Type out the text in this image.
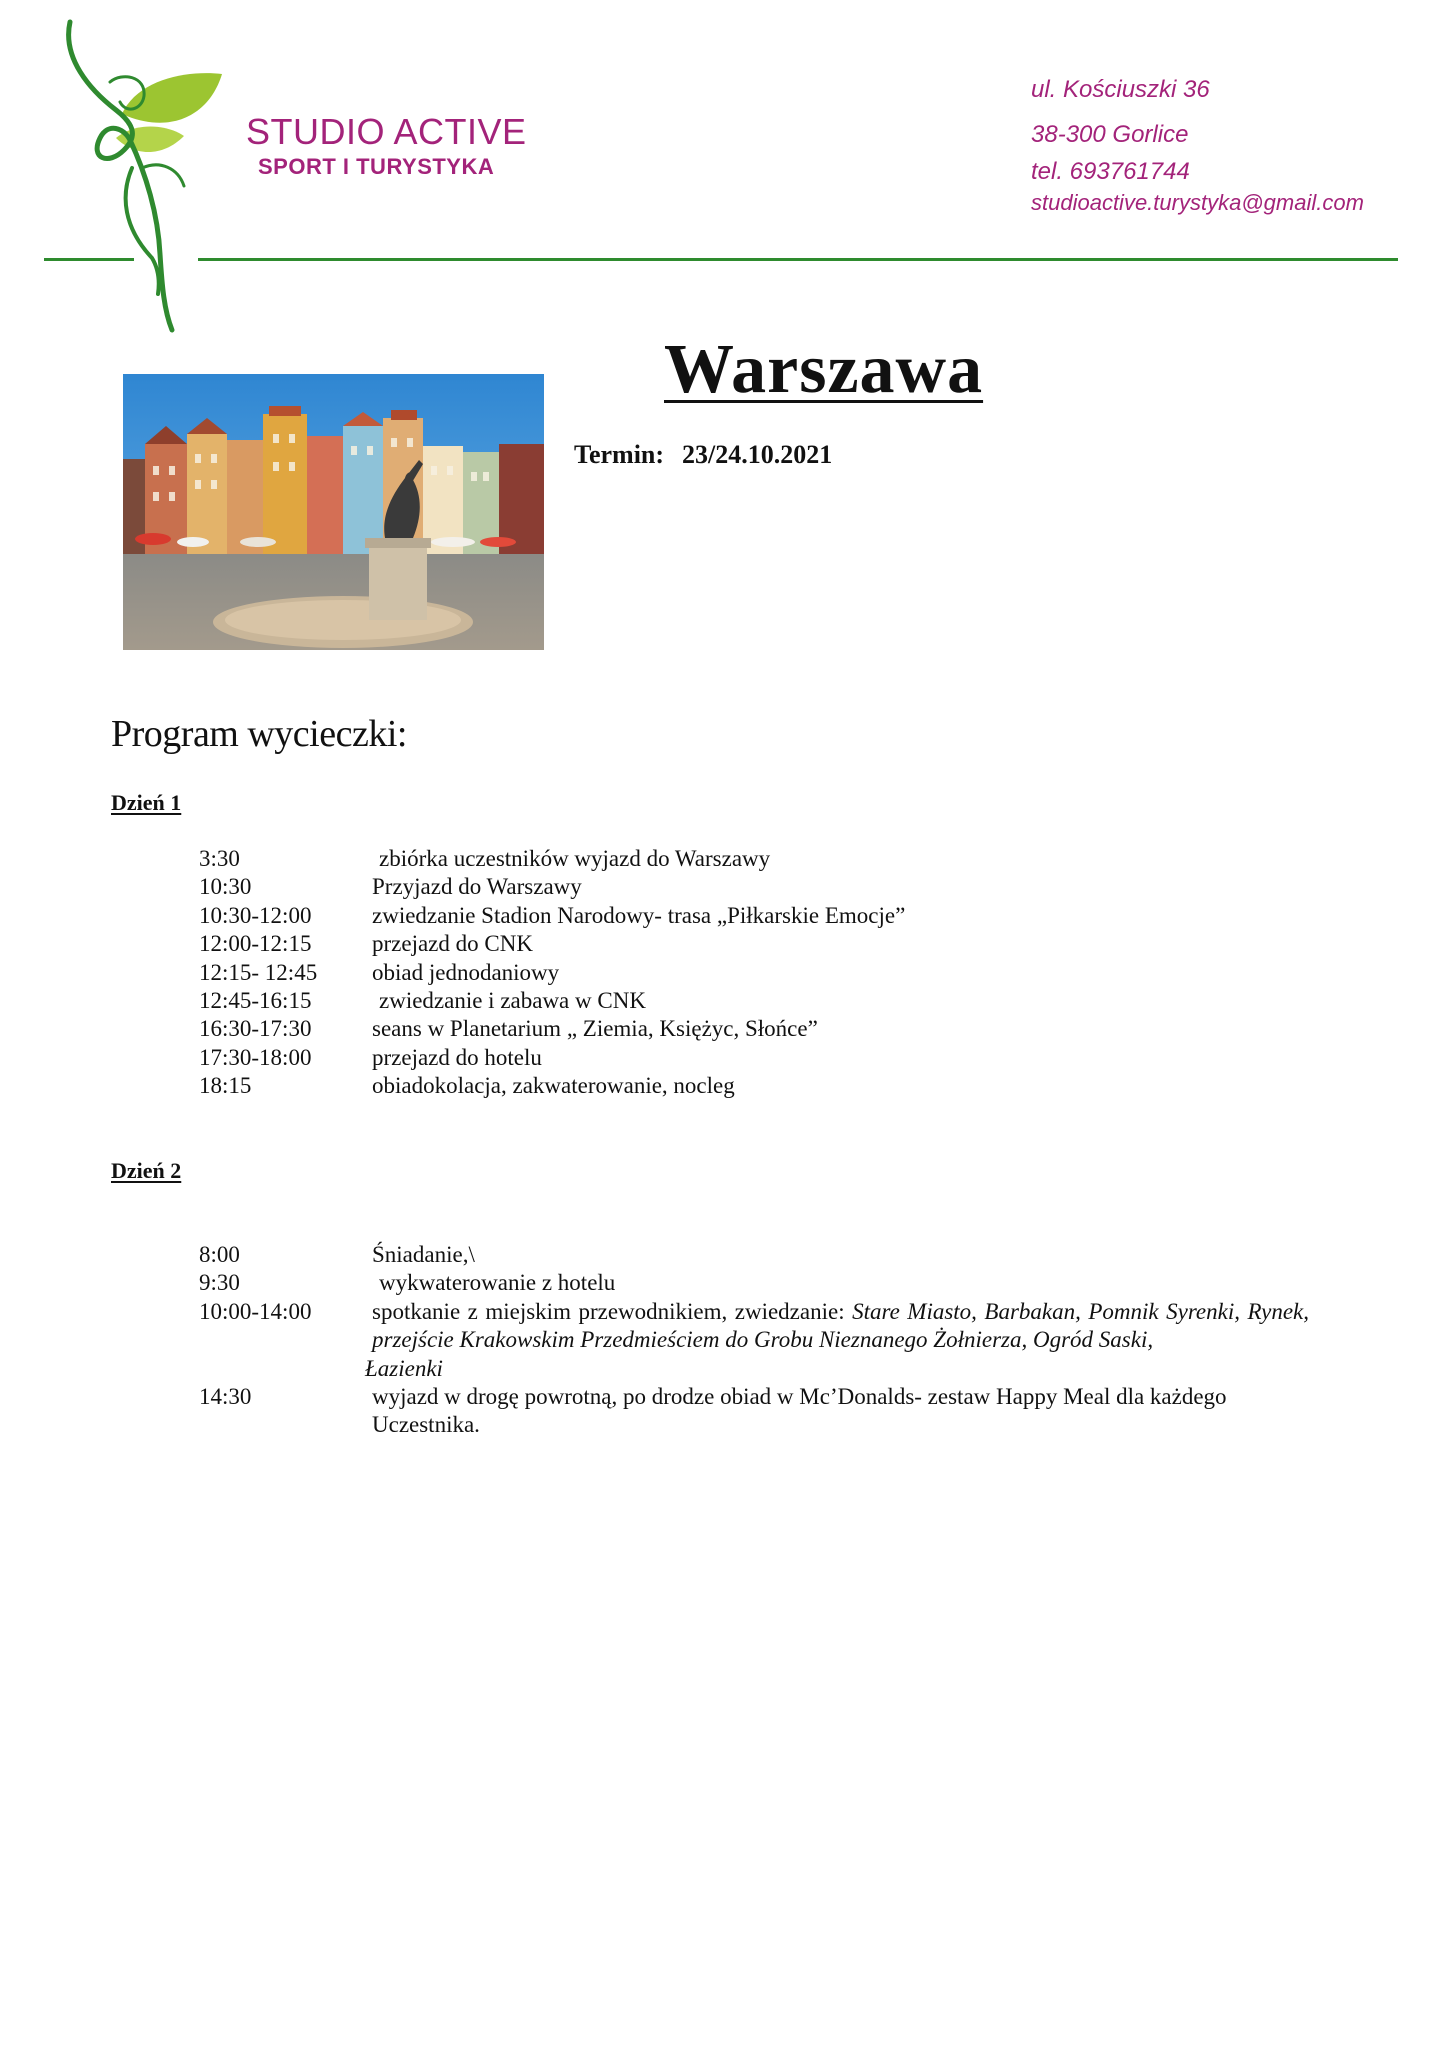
STUDIO ACTIVE
SPORT I TURYSTYKA
ul. Kościuszki 36
38-300 Gorlice
tel. 693761744
studioactive.turystyka@gmail.com
Warszawa
Termin: 23/24.10.2021
Program wycieczki:
Dzień 1
3:30	zbiórka uczestników wyjazd do Warszawy
10:30	Przyjazd do Warszawy
10:30-12:00	zwiedzanie Stadion Narodowy- trasa „Piłkarskie Emocje”
12:00-12:15	przejazd do CNK
12:15- 12:45 obiad jednodaniowy
12:45-16:15	zwiedzanie i zabawa w CNK
16:30-17:30	seans w Planetarium „ Ziemia, Księżyc, Słońce”
17:30-18:00	przejazd do hotelu
18:15	obiadokolacja, zakwaterowanie, nocleg
Dzień 2
8:00	Śniadanie,\
9:30	wykwaterowanie z hotelu
10:00-14:00	spotkanie z miejskim przewodnikiem, zwiedzanie: Stare Miasto, Barbakan, Pomnik Syrenki, Rynek, przejście Krakowskim Przedmieściem do Grobu Nieznanego Żołnierza, Ogród Saski,
Łazienki
14:30	wyjazd w drogę powrotną, po drodze obiad w Mc’Donalds- zestaw Happy Meal dla każdego Uczestnika.
